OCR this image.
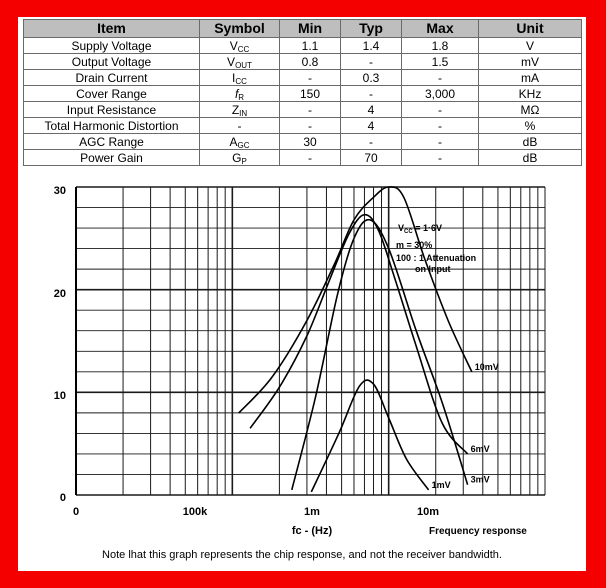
Item	Symbol	Min	Typ	Max	Unit
Supply Voltage	$V_{CC}$	1.1	1.4	1.8	V
Output Voltage	$V_{OUT}$	0.8	-	1.5	mV
Drain Current	$I_{CC}$	-	0.3	-	mA
Cover Range	$f_R$	150	-	3,000	KHz
Input Resistance	$Z_{IN}$	-	4	-	MΩ
Total Harmonic Distortion	-	-	4	-	%
AGC Range	$A_{GC}$	30	-	-	dB
Power Gain	$G_P$	-	70	-	dB
1mV
3mV
6mV
10mV
30
20
10
0
0	100k	1m	10m
fc - (Hz)	Frequency response
$V_{CC} = 1\cdot 6V$
m = 30%
100 : 1 Attenuation
on Input
Note lhat this graph represents the chip response, and not the receiver bandwidth.
